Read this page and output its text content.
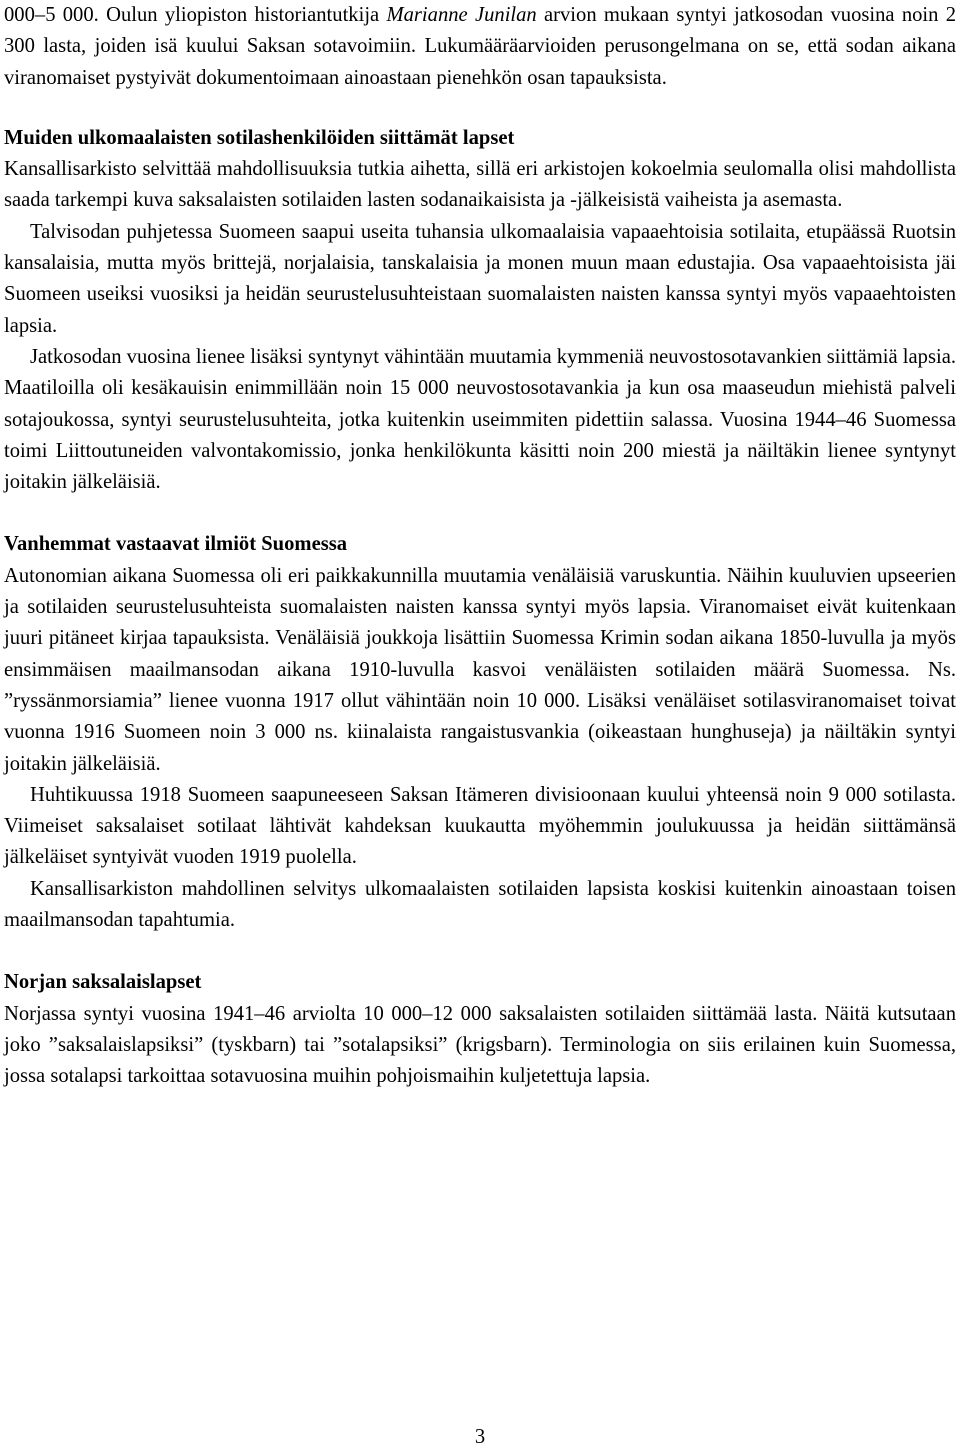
000–5 000. Oulun yliopiston historiantutkija Marianne Junilan arvion mukaan syntyi jatkosodan vuosina noin 2 300 lasta, joiden isä kuului Saksan sotavoimiin. Lukumääräarvioiden perusongelmana on se, että sodan aikana viranomaiset pystyivät dokumentoimaan ainoastaan pienehkön osan tapauksista.

Muiden ulkomaalaisten sotilashenkilöiden siittämät lapset

Kansallisarkisto selvittää mahdollisuuksia tutkia aihetta, sillä eri arkistojen kokoelmia seulomalla olisi mahdollista saada tarkempi kuva saksalaisten sotilaiden lasten sodanaikaisista ja -jälkeisistä vaiheista ja asemasta.

Talvisodan puhjetessa Suomeen saapui useita tuhansia ulkomaalaisia vapaaehtoisia sotilaita, etupäässä Ruotsin kansalaisia, mutta myös brittejä, norjalaisia, tanskalaisia ja monen muun maan edustajia. Osa vapaaehtoisista jäi Suomeen useiksi vuosiksi ja heidän seurustelusuhteistaan suomalaisten naisten kanssa syntyi myös vapaaehtoisten lapsia.

Jatkosodan vuosina lienee lisäksi syntynyt vähintään muutamia kymmeniä neuvostosotavankien siittämiä lapsia. Maatiloilla oli kesäkauisin enimmillään noin 15 000 neuvostosotavankia ja kun osa maaseudun miehistä palveli sotajoukossa, syntyi seurustelusuhteita, jotka kuitenkin useimmiten pidettiin salassa. Vuosina 1944–46 Suomessa toimi Liittoutuneiden valvontakomissio, jonka henkilökunta käsitti noin 200 miestä ja näiltäkin lienee syntynyt joitakin jälkeläisiä.

Vanhemmat vastaavat ilmiöt Suomessa

Autonomian aikana Suomessa oli eri paikkakunnilla muutamia venäläisiä varuskuntia. Näihin kuuluvien upseerien ja sotilaiden seurustelusuhteista suomalaisten naisten kanssa syntyi myös lapsia. Viranomaiset eivät kuitenkaan juuri pitäneet kirjaa tapauksista. Venäläisiä joukkoja lisättiin Suomessa Krimin sodan aikana 1850-luvulla ja myös ensimmäisen maailmansodan aikana 1910-luvulla kasvoi venäläisten sotilaiden määrä Suomessa. Ns. ”ryssänmorsiamia” lienee vuonna 1917 ollut vähintään noin 10 000. Lisäksi venäläiset sotilasviranomaiset toivat vuonna 1916 Suomeen noin 3 000 ns. kiinalaista rangaistusvankia (oikeastaan hunghuseja) ja näiltäkin syntyi joitakin jälkeläisiä.

Huhtikuussa 1918 Suomeen saapuneeseen Saksan Itämeren divisioonaan kuului yhteensä noin 9 000 sotilasta. Viimeiset saksalaiset sotilaat lähtivät kahdeksan kuukautta myöhemmin joulukuussa ja heidän siittämänsä jälkeläiset syntyivät vuoden 1919 puolella.

Kansallisarkiston mahdollinen selvitys ulkomaalaisten sotilaiden lapsista koskisi kuitenkin ainoastaan toisen maailmansodan tapahtumia.

Norjan saksalaislapset

Norjassa syntyi vuosina 1941–46 arviolta 10 000–12 000 saksalaisten sotilaiden siittämää lasta. Näitä kutsutaan joko ”saksalaislapsiksi” (tyskbarn) tai ”sotalapsiksi” (krigsbarn). Terminologia on siis erilainen kuin Suomessa, jossa sotalapsi tarkoittaa sotavuosina muihin pohjoismaihin kuljetettuja lapsia.

3
